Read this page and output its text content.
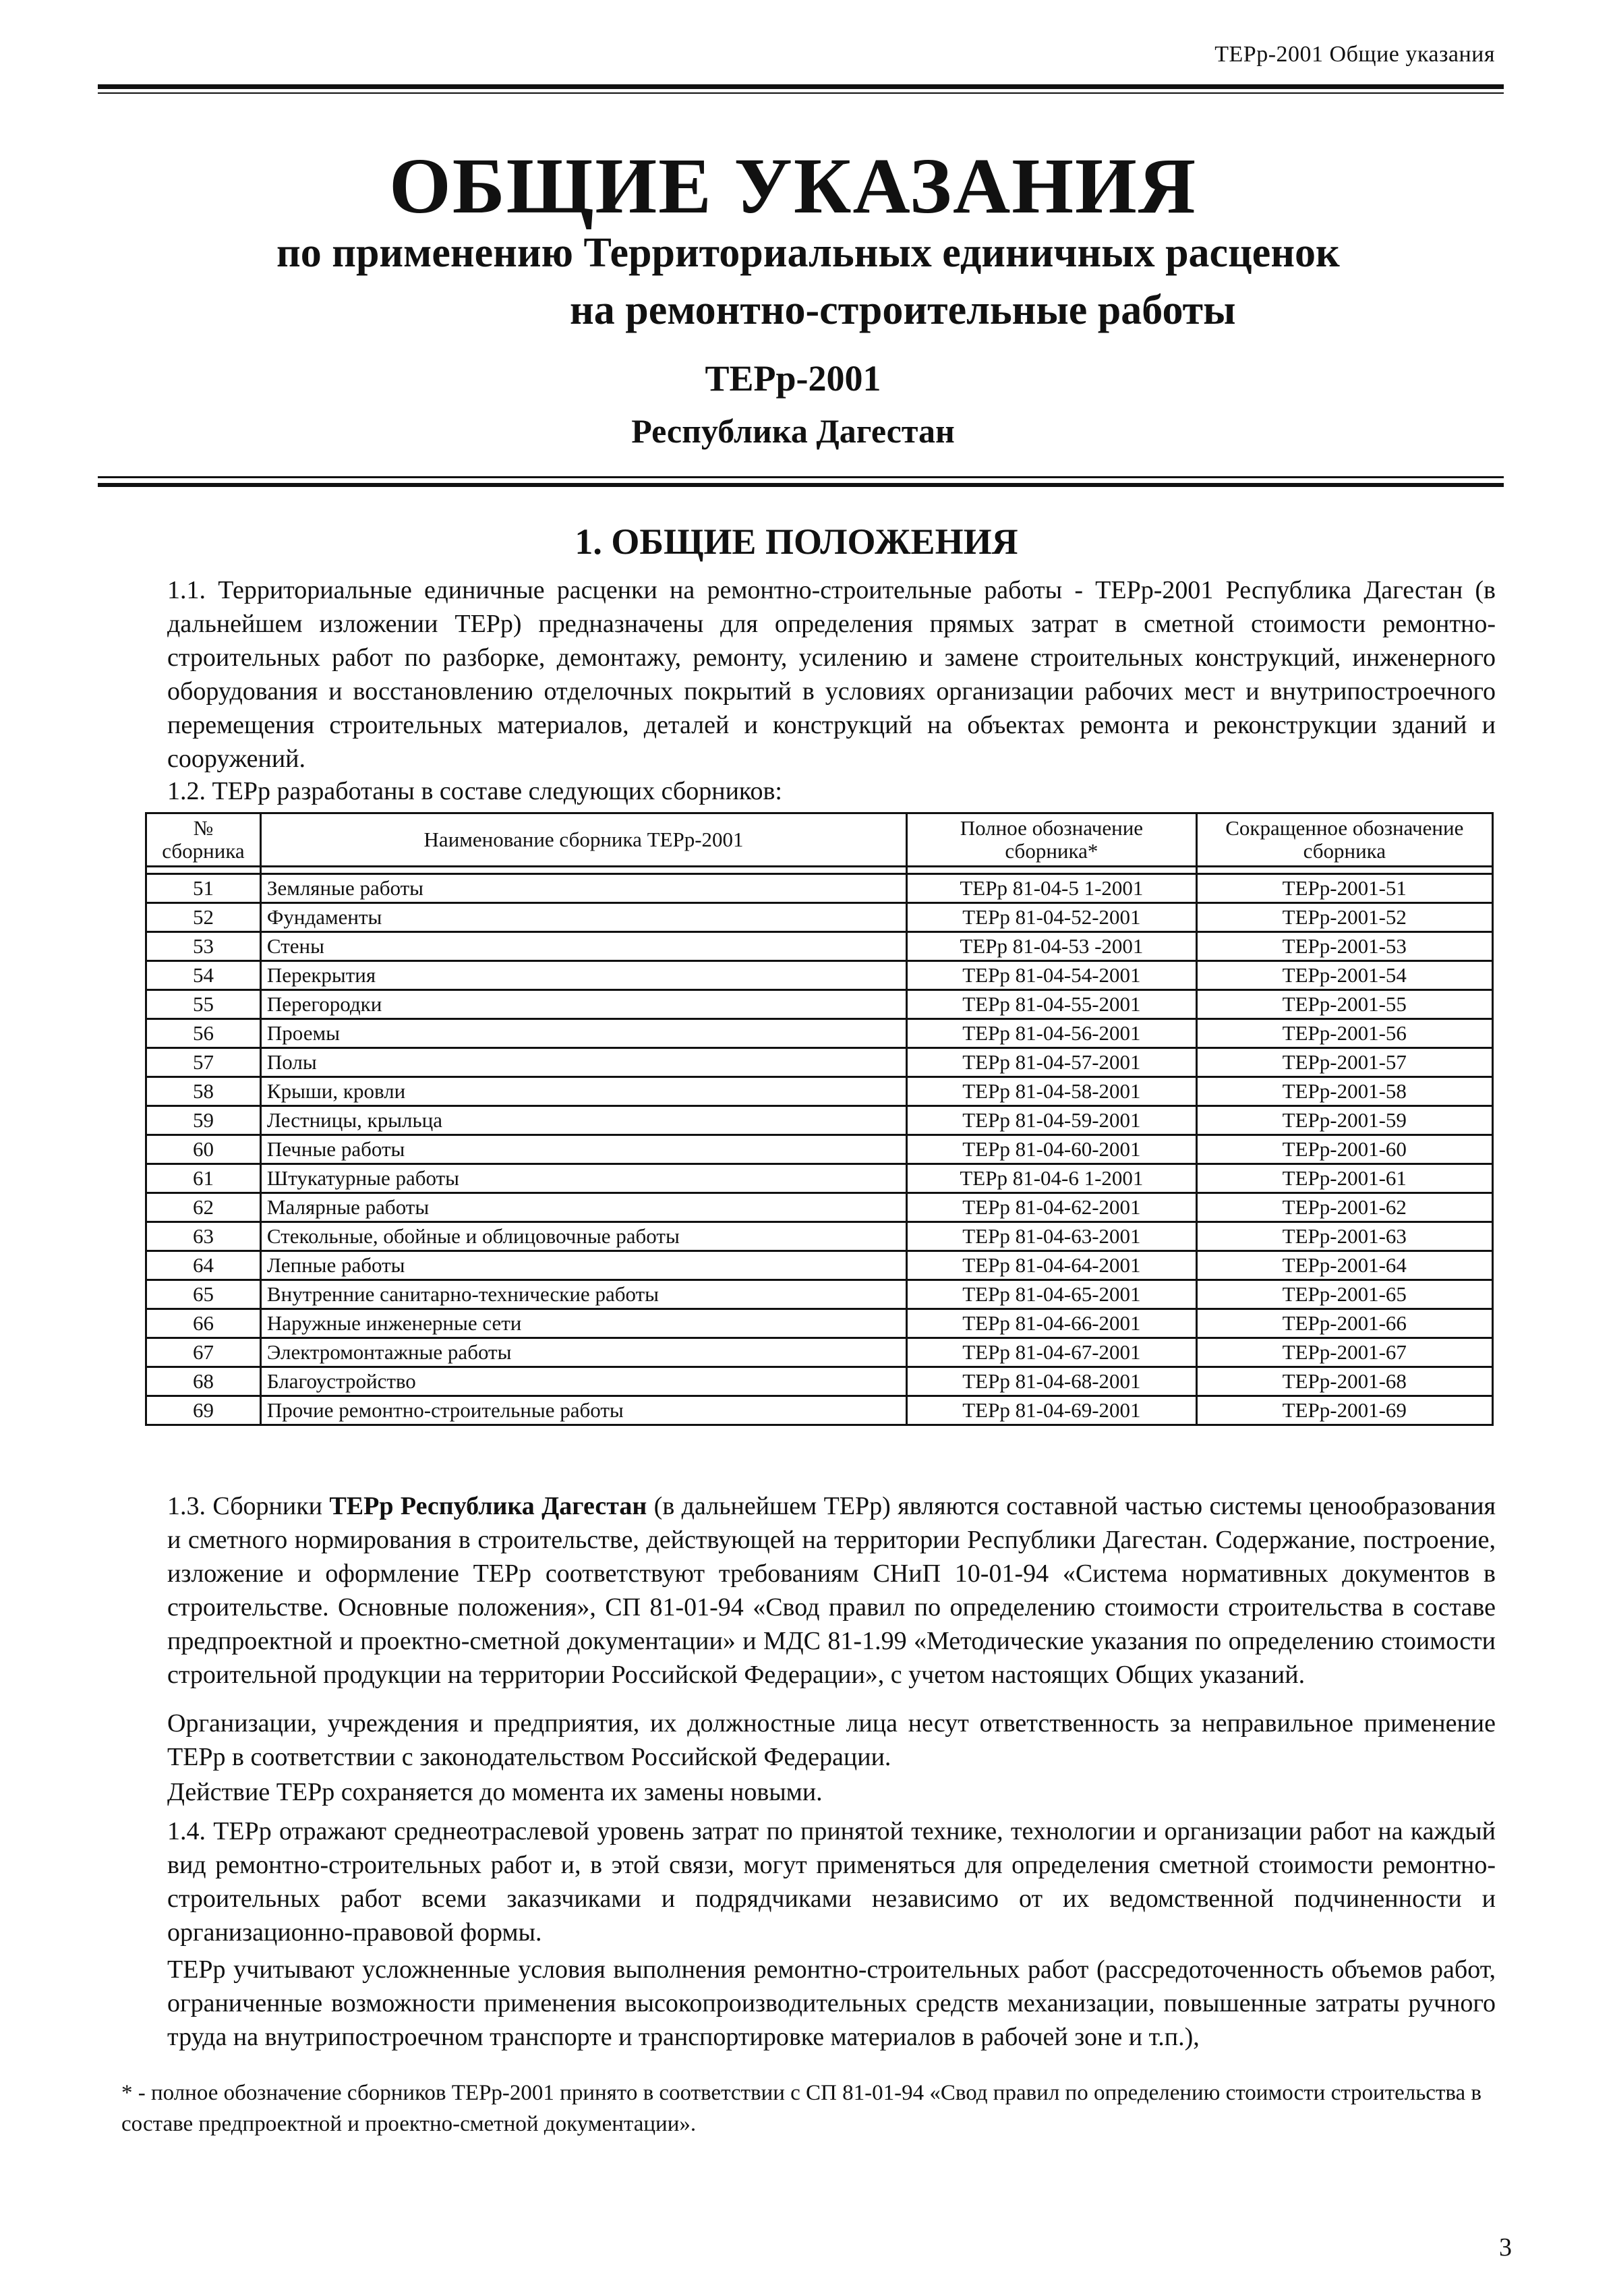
ТЕРр-2001 Общие указания
ОБЩИЕ УКАЗАНИЯ
по применению Территориальных единичных расценок
на ремонтно-строительные работы
ТЕРр-2001
Республика Дагестан
1. ОБЩИЕ ПОЛОЖЕНИЯ
1.1. Территориальные единичные расценки на ремонтно-строительные работы - ТЕРр-2001 Республика Дагестан (в дальнейшем изложении ТЕРр) предназначены для определения прямых затрат в сметной стоимости ремонтно-строительных работ по разборке, демонтажу, ремонту, усилению и замене строительных конструкций, инженерного оборудования и восстановлению отделочных покрытий в условиях организации рабочих мест и внутрипостроечного перемещения строительных материалов, деталей и конструкций на объектах ремонта и реконструкции зданий и сооружений.
1.2. ТЕРр разработаны в составе следующих сборников:
№ сборника	Наименование сборника ТЕРр-2001	Полное обозначение сборника*	Сокращенное обозначение сборника

51	Земляные работы	ТЕРр 81-04-5 1-2001	ТЕРр-2001-51
52	Фундаменты	ТЕРр 81-04-52-2001	ТЕРр-2001-52
53	Стены	ТЕРр 81-04-53 -2001	ТЕРр-2001-53
54	Перекрытия	ТЕРр 81-04-54-2001	ТЕРр-2001-54
55	Перегородки	ТЕРр 81-04-55-2001	ТЕРр-2001-55
56	Проемы	ТЕРр 81-04-56-2001	ТЕРр-2001-56
57	Полы	ТЕРр 81-04-57-2001	ТЕРр-2001-57
58	Крыши, кровли	ТЕРр 81-04-58-2001	ТЕРр-2001-58
59	Лестницы, крыльца	ТЕРр 81-04-59-2001	ТЕРр-2001-59
60	Печные работы	ТЕРр 81-04-60-2001	ТЕРр-2001-60
61	Штукатурные работы	ТЕРр 81-04-6 1-2001	ТЕРр-2001-61
62	Малярные работы	ТЕРр 81-04-62-2001	ТЕРр-2001-62
63	Стекольные, обойные и облицовочные работы	ТЕРр 81-04-63-2001	ТЕРр-2001-63
64	Лепные работы	ТЕРр 81-04-64-2001	ТЕРр-2001-64
65	Внутренние санитарно-технические работы	ТЕРр 81-04-65-2001	ТЕРр-2001-65
66	Наружные инженерные сети	ТЕРр 81-04-66-2001	ТЕРр-2001-66
67	Электромонтажные работы	ТЕРр 81-04-67-2001	ТЕРр-2001-67
68	Благоустройство	ТЕРр 81-04-68-2001	ТЕРр-2001-68
69	Прочие ремонтно-строительные работы	ТЕРр 81-04-69-2001	ТЕРр-2001-69
1.3. Сборники ТЕРр Республика Дагестан (в дальнейшем ТЕРр) являются составной частью системы ценообразования и сметного нормирования в строительстве, действующей на территории Республики Дагестан. Содержание, построение, изложение и оформление ТЕРр соответствуют требованиям СНиП 10-01-94 «Система нормативных документов в строительстве. Основные положения», СП 81-01-94 «Свод правил по определению стоимости строительства в составе предпроектной и проектно-сметной документации» и МДС 81-1.99 «Методические указания по определению стоимости строительной продукции на территории Российской Федерации», с учетом настоящих Общих указаний.
Организации, учреждения и предприятия, их должностные лица несут ответственность за неправильное применение ТЕРр в соответствии с законодательством Российской Федерации.
Действие ТЕРр сохраняется до момента их замены новыми.
1.4. ТЕРр отражают среднеотраслевой уровень затрат по принятой технике, технологии и организации работ на каждый вид ремонтно-строительных работ и, в этой связи, могут применяться для определения сметной стоимости ремонтно-строительных работ всеми заказчиками и подрядчиками независимо от их ведомственной подчиненности и организационно-правовой формы.
ТЕРр учитывают усложненные условия выполнения ремонтно-строительных работ (рассредоточенность объемов работ, ограниченные возможности применения высокопроизводительных средств механизации, повышенные затраты ручного труда на внутрипостроечном транспорте и транспортировке материалов в рабочей зоне и т.п.),
* - полное обозначение сборников ТЕРр-2001 принято в соответствии с СП 81-01-94 «Свод правил по определению стоимости строительства в составе предпроектной и проектно-сметной документации».
3
